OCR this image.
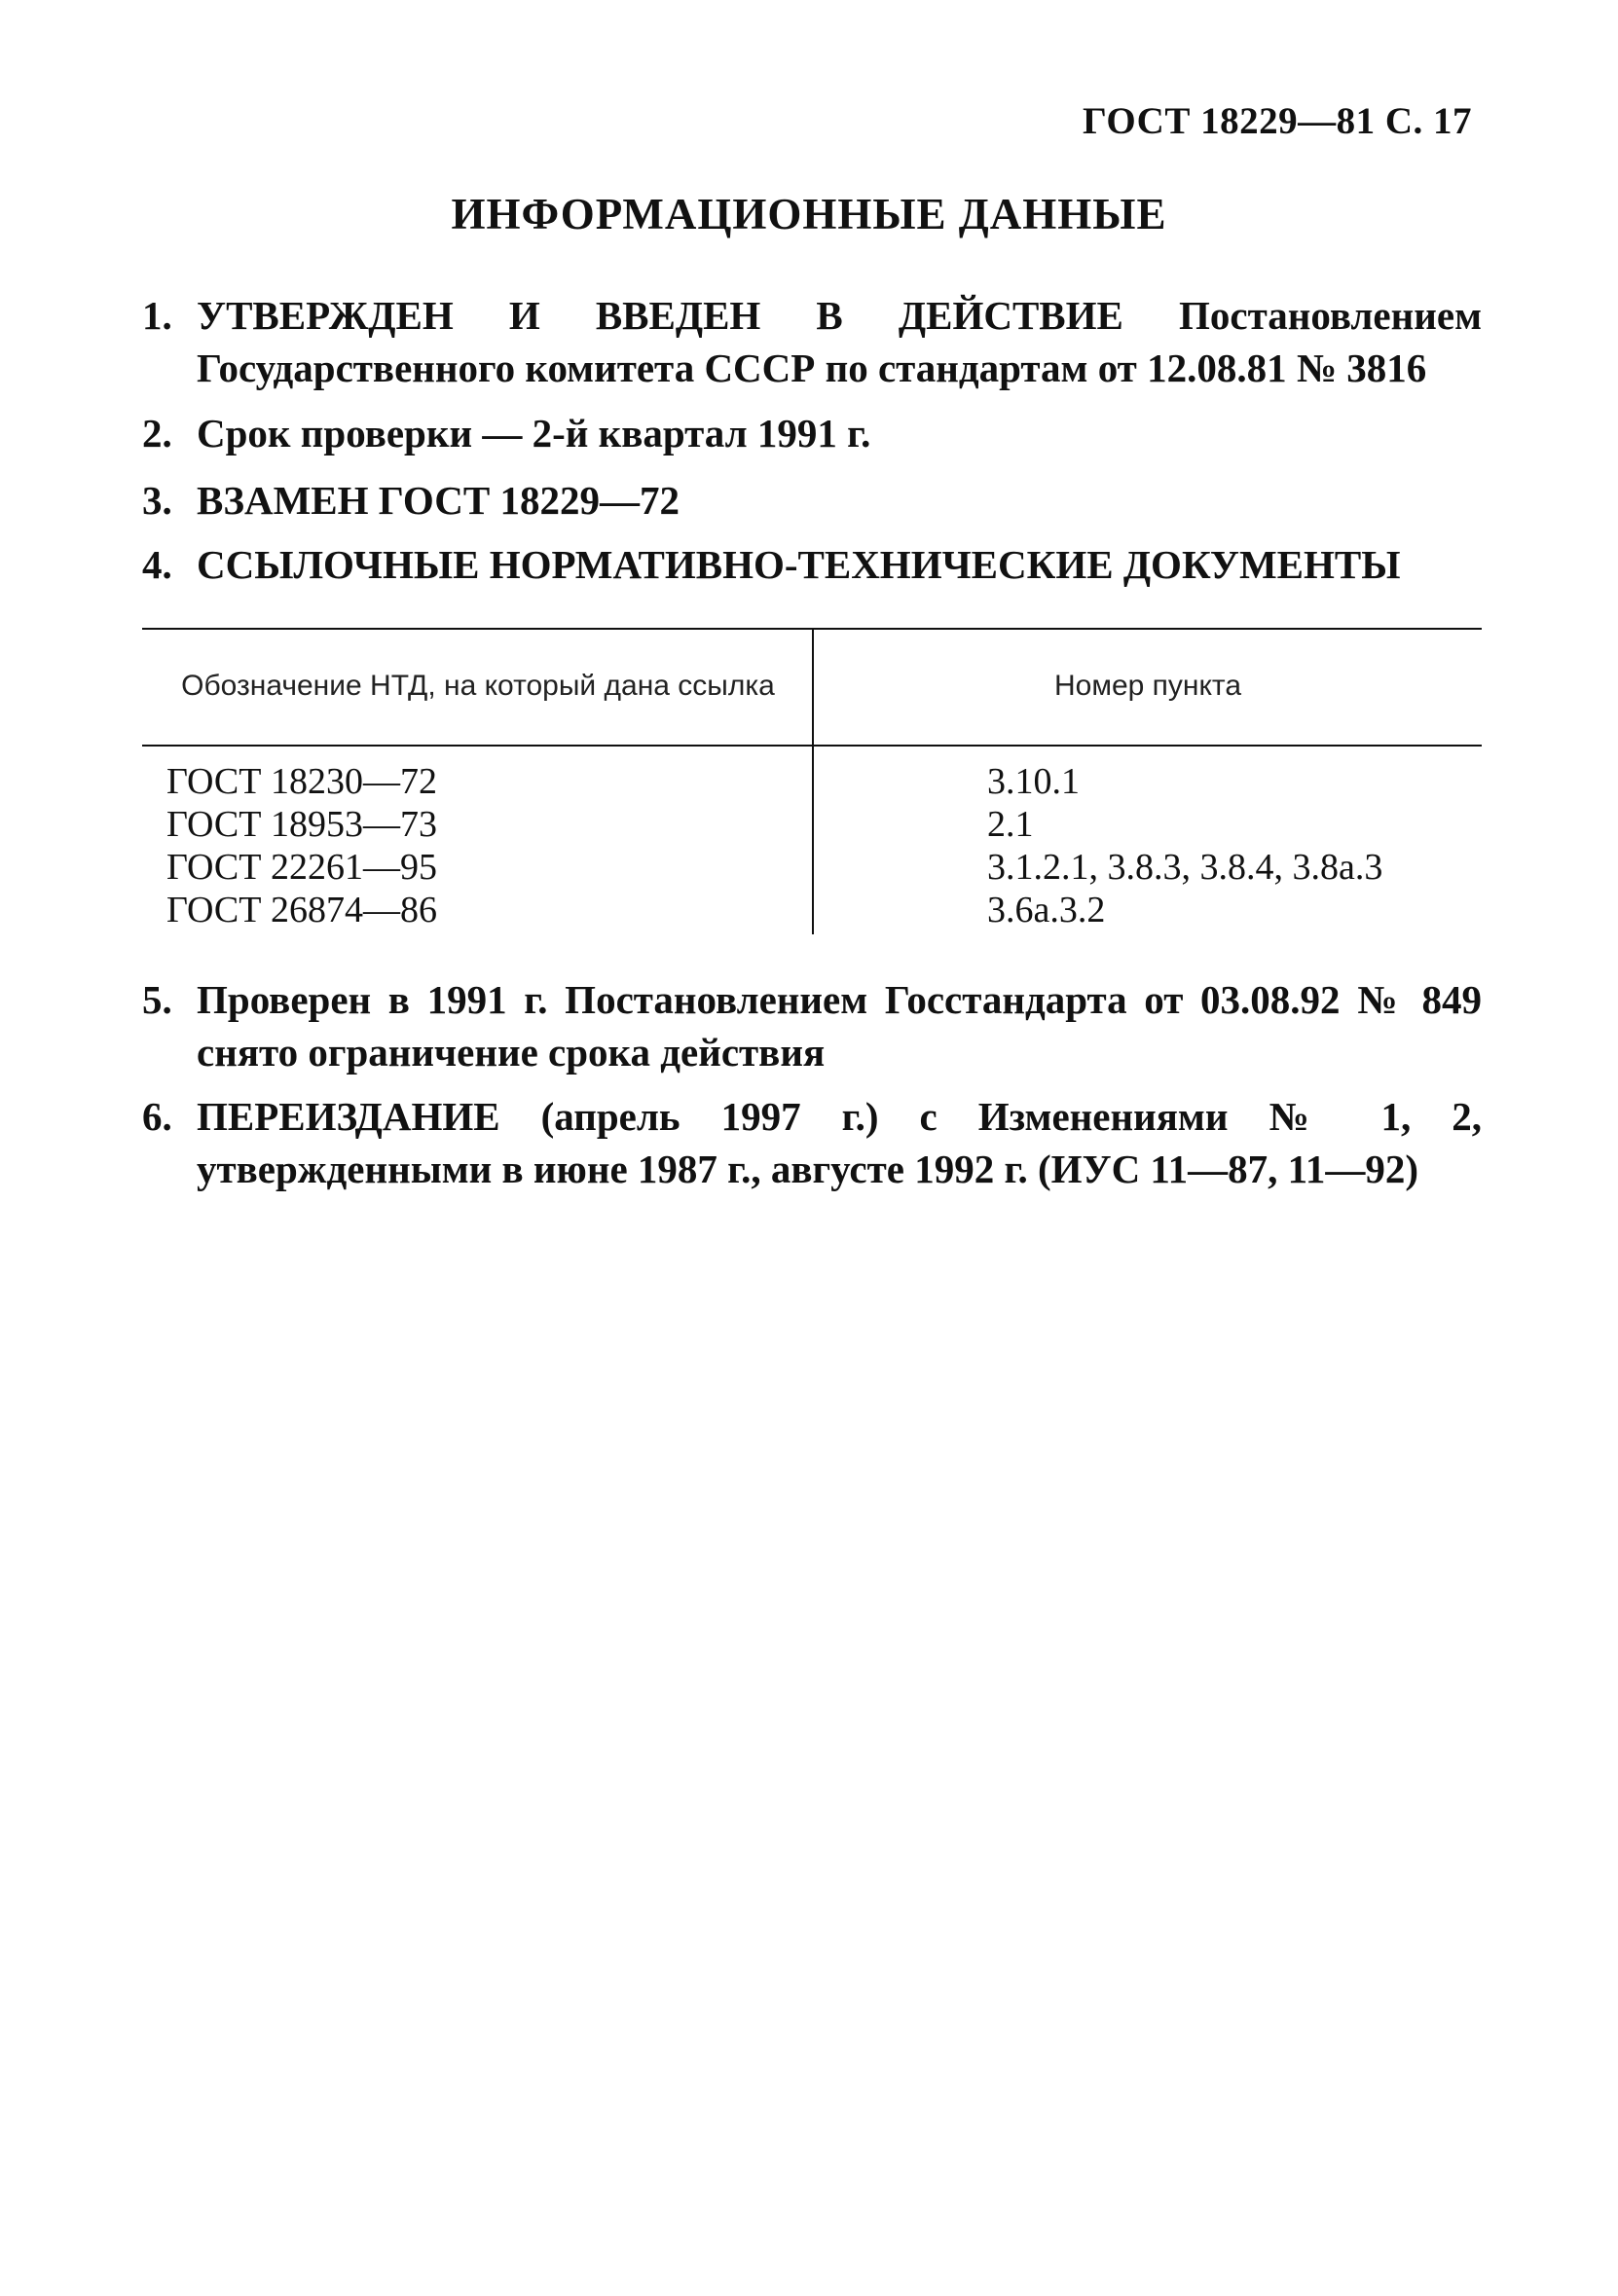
ГОСТ 18229—81 С. 17
ИНФОРМАЦИОННЫЕ ДАННЫЕ
1. УТВЕРЖДЕН И ВВЕДЕН В ДЕЙСТВИЕ Постановлением Государственного комитета СССР по стандартам от 12.08.81 № 3816
2. Срок проверки — 2-й квартал 1991 г.
3. ВЗАМЕН ГОСТ 18229—72
4. ССЫЛОЧНЫЕ НОРМАТИВНО-ТЕХНИЧЕСКИЕ ДОКУМЕНТЫ
Обозначение НТД, на который дана ссылка	Номер пункта
ГОСТ 18230—72
ГОСТ 18953—73
ГОСТ 22261—95
ГОСТ 26874—86
3.10.1
2.1
3.1.2.1, 3.8.3, 3.8.4, 3.8а.3
3.6а.3.2
5. Проверен в 1991 г. Постановлением Госстандарта от 03.08.92 № 849 снято ограничение срока действия
6. ПЕРЕИЗДАНИЕ (апрель 1997 г.) с Изменениями № 1, 2, утвержденными в июне 1987 г., августе 1992 г. (ИУС 11—87, 11—92)
